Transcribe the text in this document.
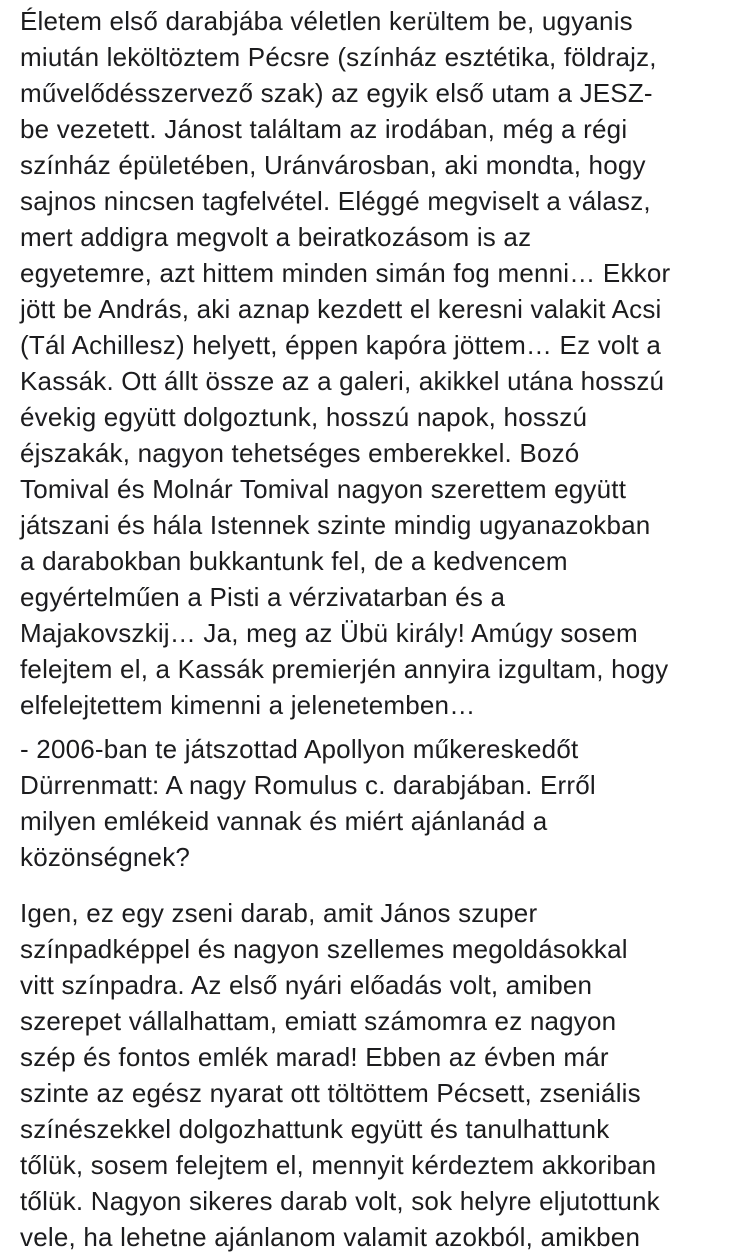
Életem első darabjába véletlen kerültem be, ugyanis
miután leköltöztem Pécsre (színház esztétika, földrajz,
művelődésszervező szak) az egyik első utam a JESZ-
be vezetett. Jánost találtam az irodában, még a régi
színház épületében, Uránvárosban, aki mondta, hogy
sajnos nincsen tagfelvétel. Eléggé megviselt a válasz,
mert addigra megvolt a beiratkozásom is az
egyetemre, azt hittem minden simán fog menni… Ekkor
jött be András, aki aznap kezdett el keresni valakit Acsi
(Tál Achillesz) helyett, éppen kapóra jöttem… Ez volt a
Kassák. Ott állt össze az a galeri, akikkel utána hosszú
évekig együtt dolgoztunk, hosszú napok, hosszú
éjszakák, nagyon tehetséges emberekkel. Bozó
Tomival és Molnár Tomival nagyon szerettem együtt
játszani és hála Istennek szinte mindig ugyanazokban
a darabokban bukkantunk fel, de a kedvencem
egyértelműen a Pisti a vérzivatarban és a
Majakovszkij… Ja, meg az Übü király! Amúgy sosem
felejtem el, a Kassák premierjén annyira izgultam, hogy
elfelejtettem kimenni a jelenetemben…
- 2006-ban te játszottad Apollyon műkereskedőt
Dürrenmatt: A nagy Romulus c. darabjában. Erről
milyen emlékeid vannak és miért ajánlanád a
közönségnek?
Igen, ez egy zseni darab, amit János szuper
színpadképpel és nagyon szellemes megoldásokkal
vitt színpadra. Az első nyári előadás volt, amiben
szerepet vállalhattam, emiatt számomra ez nagyon
szép és fontos emlék marad! Ebben az évben már
szinte az egész nyarat ott töltöttem Pécsett, zseniális
színészekkel dolgozhattunk együtt és tanulhattunk
tőlük, sosem felejtem el, mennyit kérdeztem akkoriban
tőlük. Nagyon sikeres darab volt, sok helyre eljutottunk
vele, ha lehetne ajánlanom valamit azokból, amikben
